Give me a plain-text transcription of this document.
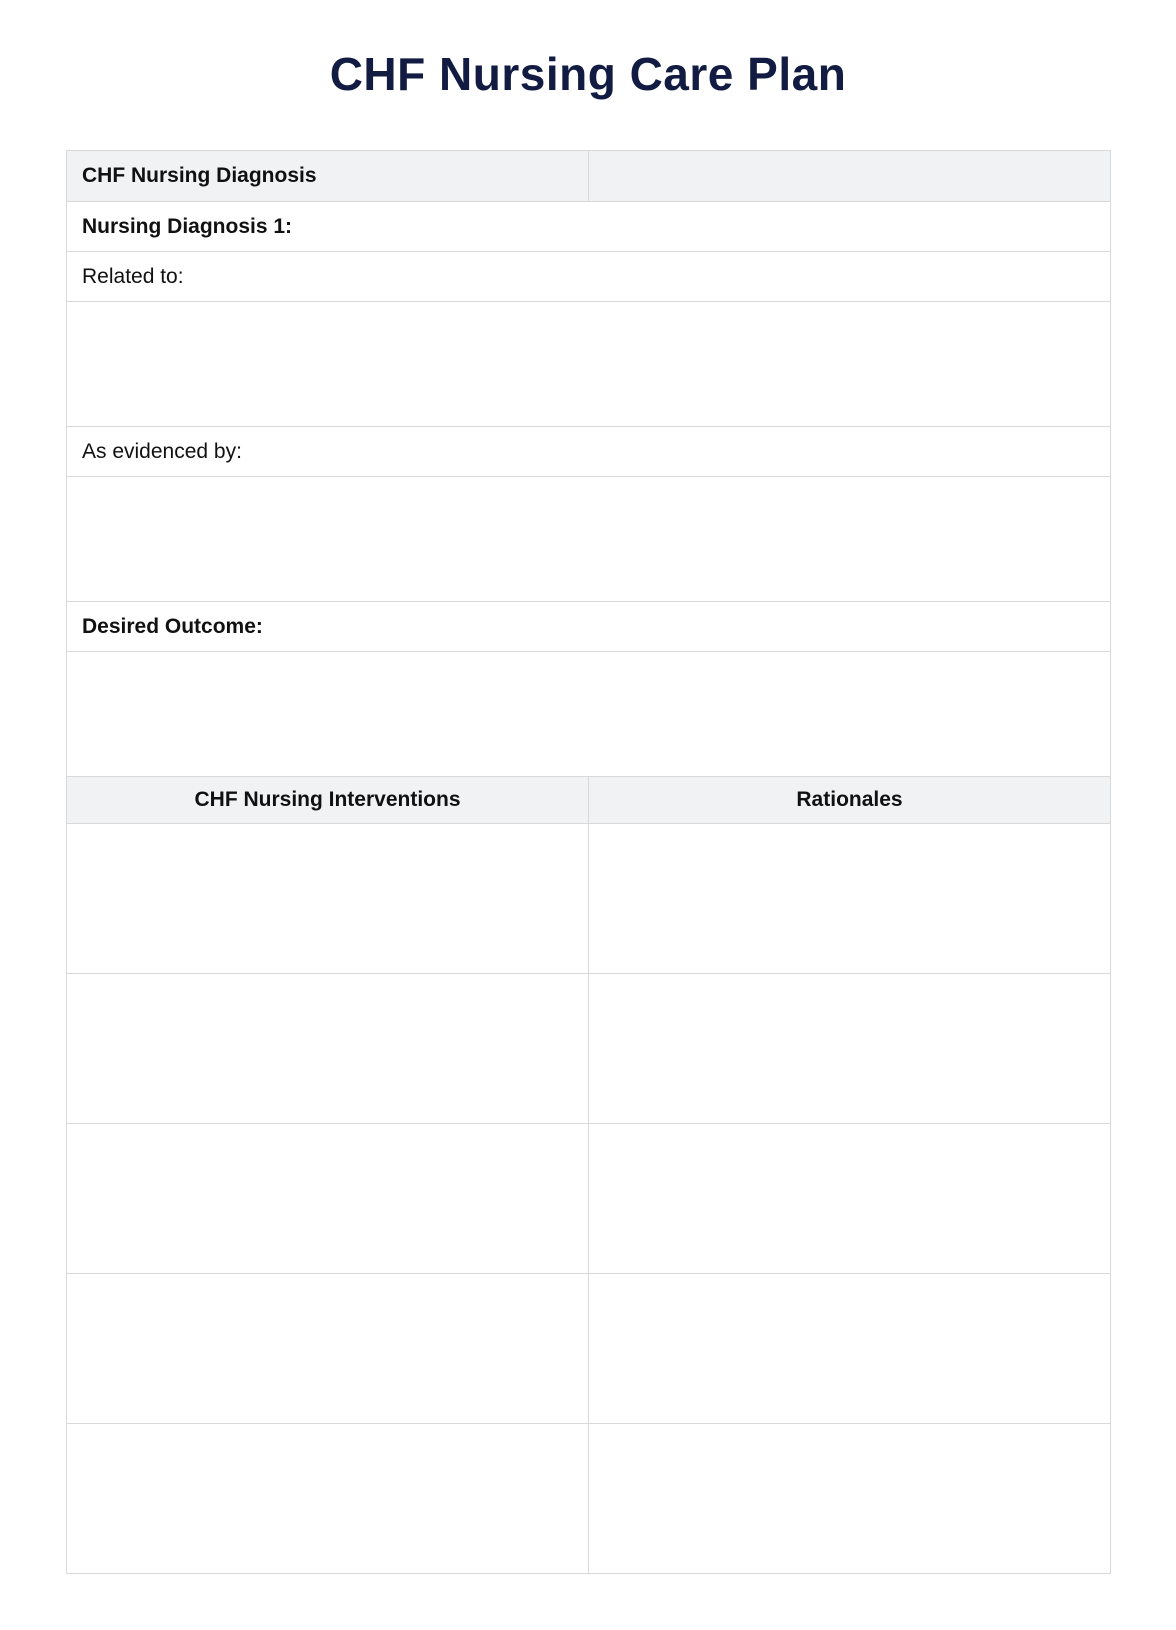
CHF Nursing Care Plan
CHF Nursing Diagnosis	
Nursing Diagnosis 1:	
Related to:	

As evidenced by:	

Desired Outcome:	

CHF Nursing Interventions	Rationales
